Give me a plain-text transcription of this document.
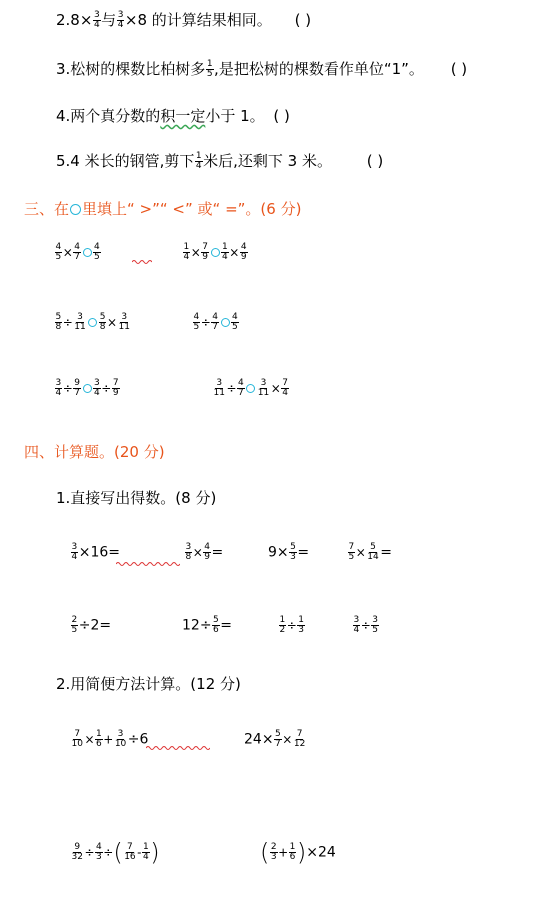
$2.8\times \frac{3}{4}$ 与 $\frac{3}{4} \times 8$ 的计算结果相同。 ( )
3.松树的棵数比柏树多 $\frac{1}{5}$ ,是把松树的棵数看作单位“1”。 ( )
4.两个真分数的积一定小于 1。 ( )
5.4 米长的钢管,剪下 $\frac{1}{4}$ 米后,还剩下 3 米。 ( )
三、在 里填上“ >”“ <” 或“ =”。(6 分)
$\frac{4}{5} \times \frac{4}{7} \frac{4}{5}$	$\frac{1}{4} \times \frac{7}{9} \frac{1}{4} \times \frac{4}{9}$
$\frac{5}{8} \div \frac{3}{11} \frac{5}{8} \times \frac{3}{11}$	$\frac{4}{5} \div \frac{4}{7} \frac{4}{5}$
$\frac{3}{4} \div \frac{9}{7} \frac{3}{4} \div \frac{7}{9}$	$\frac{3}{11} \div \frac{4}{7} \frac{3}{11} \times \frac{7}{4}$
四、计算题。(20 分)
1.直接写出得数。(8 分)
$\frac{3}{4} \times 16=$	$\frac{3}{8} \times \frac{4}{9}$ =	$9\times \frac{5}{3}$ =	$\frac{7}{5} \times \frac{5}{14}$ =
$\frac{2}{5} \div 2=$	$12\div \frac{5}{6}$ =	$\frac{1}{2} \div \frac{1}{3}$	$\frac{3}{4} \div \frac{3}{5}$
2.用简便方法计算。(12 分)
$\frac{7}{10} \times \frac{1}{6} + \frac{3}{10} \div 6$	$24\times \frac{5}{7} \times \frac{7}{12}$
$\frac{9}{32} \div \frac{4}{3}$ ÷( $\frac{7}{16} - \frac{1}{4}$ )	( $\frac{2}{3} + \frac{1}{6} )\times 24$
